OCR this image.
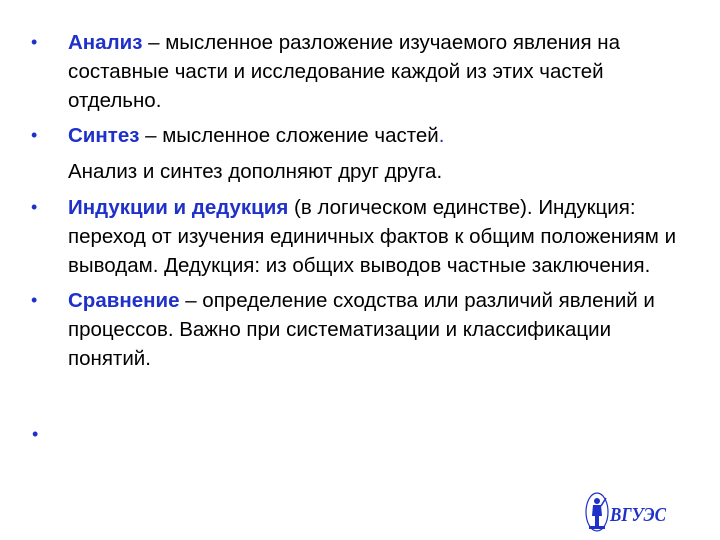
• Анализ – мысленное разложение изучаемого явления на составные части и исследование каждой из этих частей отдельно.
• Синтез – мысленное сложение частей.
Анализ и синтез дополняют друг друга.
• Индукции и дедукция (в логическом единстве). Индукция: переход от изучения единичных фактов к общим положениям и выводам. Дедукция: из общих выводов частные заключения.
• Сравнение – определение сходства или различий явлений и процессов. Важно при систематизации и классификации понятий.
•
ВГУЭС
